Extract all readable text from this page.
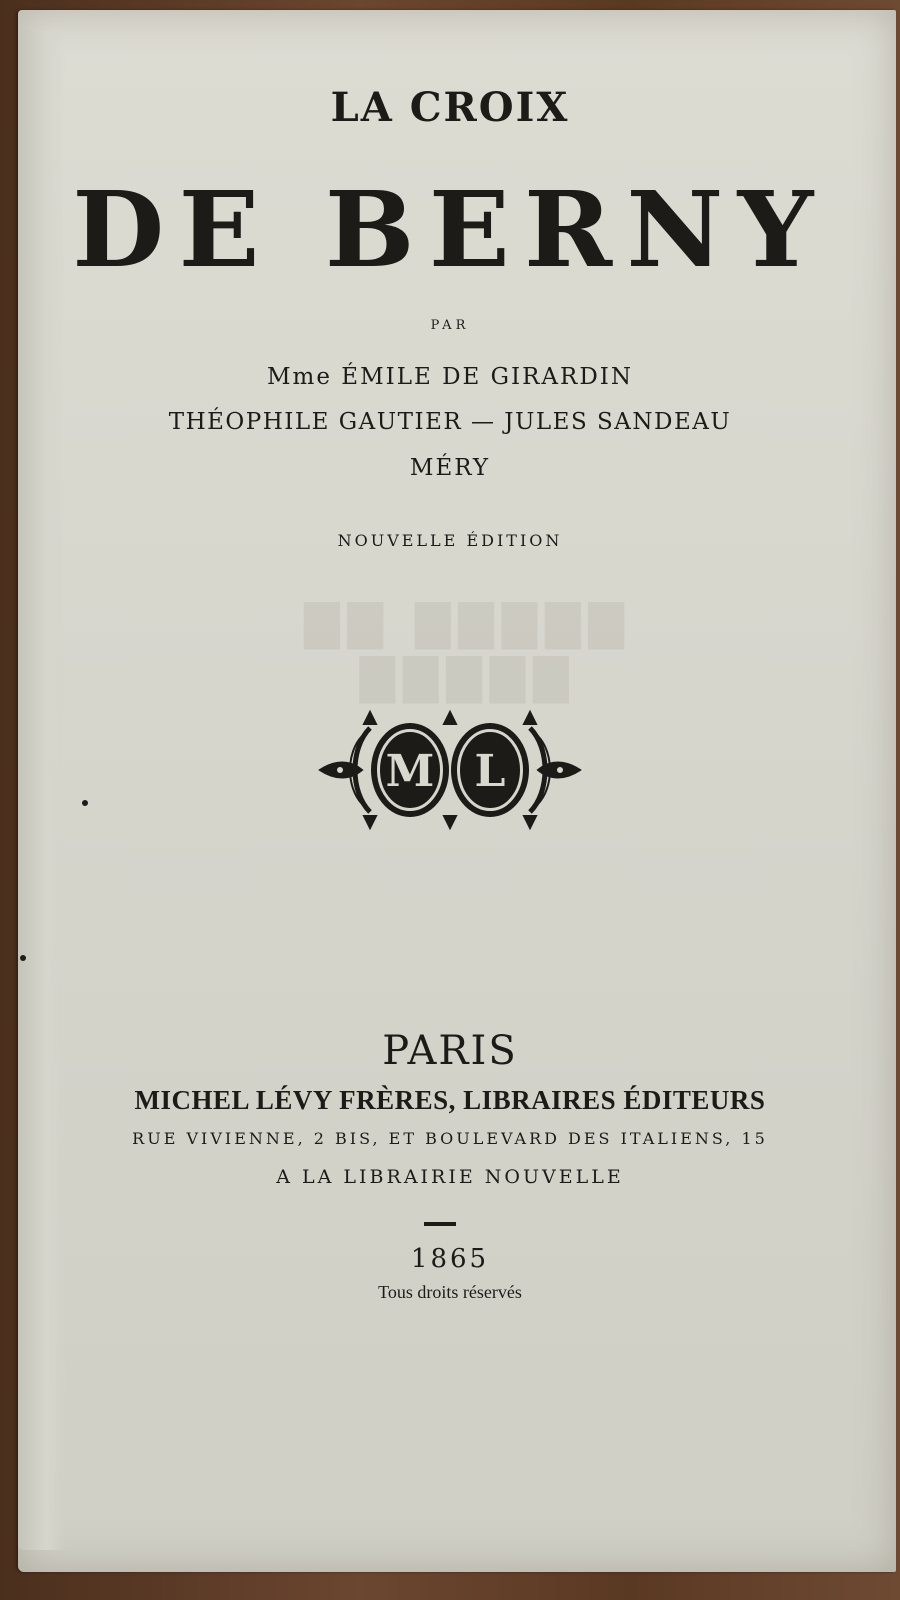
▇▇▇▇▇ ▇▇ ▇▇▇▇▇
LA CROIX
DE BERNY
PAR
Mme ÉMILE DE GIRARDIN
THÉOPHILE GAUTIER — JULES SANDEAU
MÉRY
NOUVELLE ÉDITION
M L
PARIS
MICHEL LÉVY FRÈRES, LIBRAIRES ÉDITEURS
RUE VIVIENNE, 2 BIS, ET BOULEVARD DES ITALIENS, 15
A LA LIBRAIRIE NOUVELLE
1865
Tous droits réservés
